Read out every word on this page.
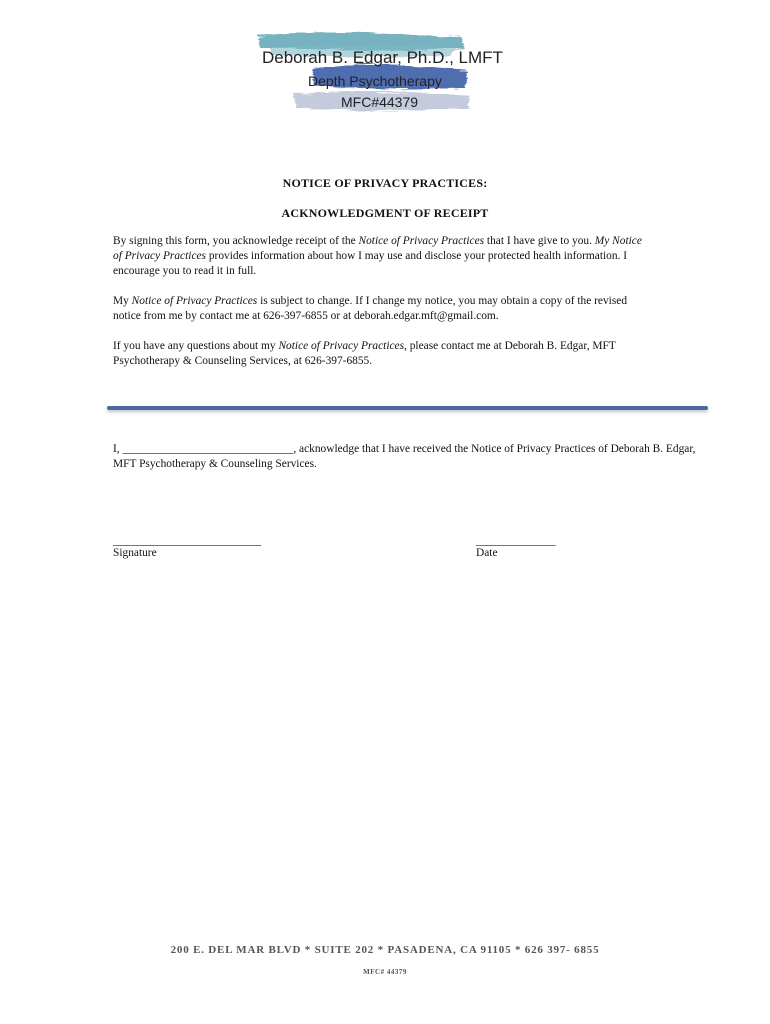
Deborah B. Edgar, Ph.D., LMFT
Depth Psychotherapy
MFC#44379
NOTICE OF PRIVACY PRACTICES:
ACKNOWLEDGMENT OF RECEIPT
By signing this form, you acknowledge receipt of the Notice of Privacy Practices that I have give to you. My Notice of Privacy Practices provides information about how I may use and disclose your protected health information. I encourage you to read it in full.
My Notice of Privacy Practices is subject to change. If I change my notice, you may obtain a copy of the revised notice from me by contact me at 626-397-6855 or at deborah.edgar.mft@gmail.com.
If you have any questions about my Notice of Privacy Practices, please contact me at Deborah B. Edgar, MFT Psychotherapy & Counseling Services, at 626-397-6855.
I, ______________________________, acknowledge that I have received the Notice of Privacy Practices of Deborah B. Edgar, MFT Psychotherapy & Counseling Services.
__________________________
Signature
______________
Date
200 E. DEL MAR BLVD * SUITE 202 * PASADENA, CA 91105 * 626 397- 6855
MFC# 44379
